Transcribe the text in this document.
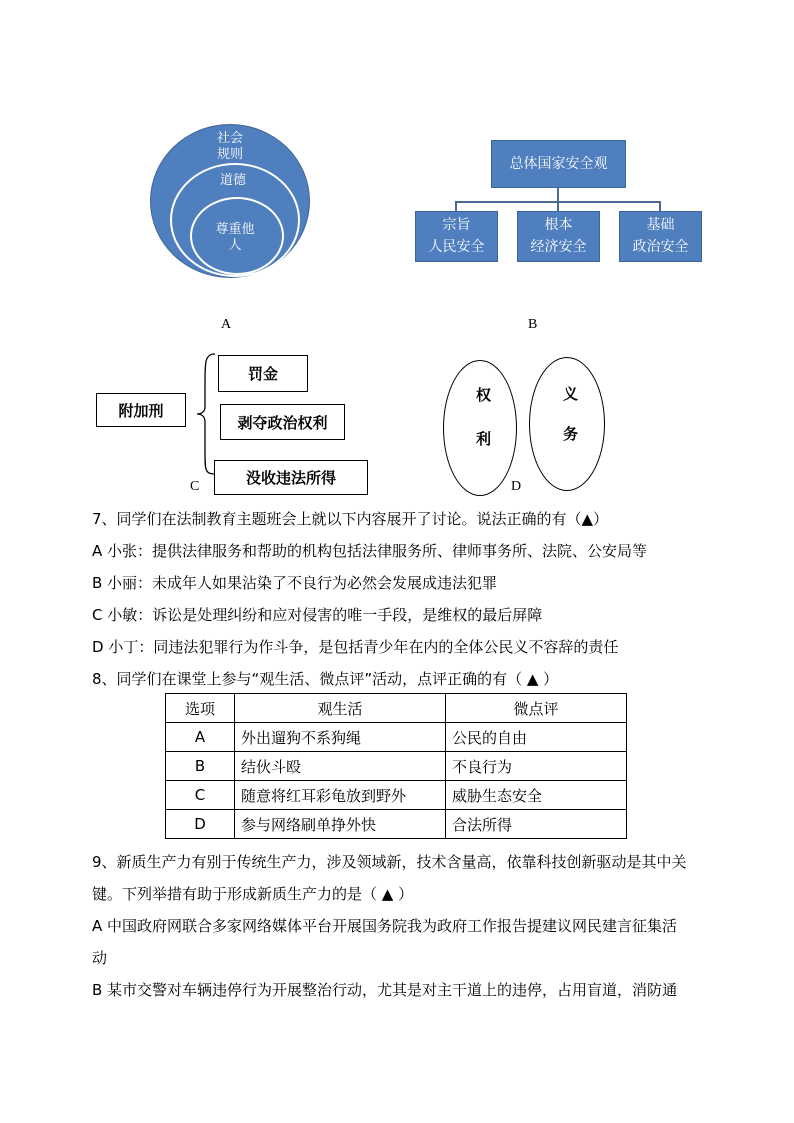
社会
规则
道德
尊重他
人
A
总体国家安全观
宗旨
人民安全
根本
经济安全
基础
政治安全
B
附加刑
罚金
剥夺政治权利
没收违法所得
C
权
利
义
务
D
7、同学们在法制教育主题班会上就以下内容展开了讨论。说法正确的有（▲）
A 小张：提供法律服务和帮助的机构包括法律服务所、律师事务所、法院、公安局等
B 小丽：未成年人如果沾染了不良行为必然会发展成违法犯罪
C 小敏：诉讼是处理纠纷和应对侵害的唯一手段，是维权的最后屏障
D 小丁：同违法犯罪行为作斗争，是包括青少年在内的全体公民义不容辞的责任
8、同学们在课堂上参与“观生活、微点评”活动，点评正确的有（ ▲ ）
选项	观生活	微点评
A	外出遛狗不系狗绳	公民的自由
B	结伙斗殴	不良行为
C	随意将红耳彩龟放到野外	威胁生态安全
D	参与网络刷单挣外快	合法所得
9、新质生产力有别于传统生产力，涉及领域新，技术含量高，依靠科技创新驱动是其中关
键。下列举措有助于形成新质生产力的是（ ▲ ）
A 中国政府网联合多家网络媒体平台开展国务院我为政府工作报告提建议网民建言征集活
动
B 某市交警对车辆违停行为开展整治行动，尤其是对主干道上的违停，占用盲道，消防通
